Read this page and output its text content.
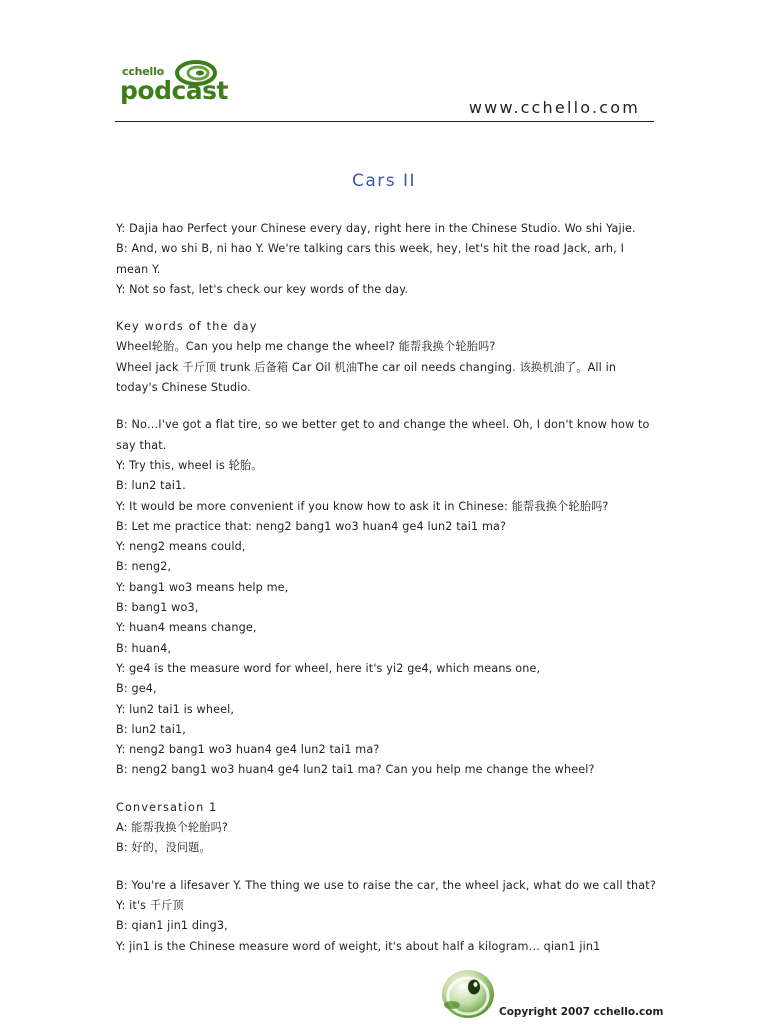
cchello
podcast
www.cchello.com
Cars II
Y: Dajia hao Perfect your Chinese every day, right here in the Chinese Studio. Wo shi Yajie.
B: And, wo shi B, ni hao Y. We're talking cars this week, hey, let's hit the road Jack, arh, I
mean Y.
Y: Not so fast, let's check our key words of the day.
Key words of the day
Wheel轮胎。Can you help me change the wheel? 能帮我换个轮胎吗?
Wheel jack 千斤顶 trunk 后备箱 Car Oil 机油The car oil needs changing. 该换机油了。All in
today's Chinese Studio.
B: No…I've got a flat tire, so we better get to and change the wheel. Oh, I don't know how to
say that.
Y: Try this, wheel is 轮胎。
B: lun2 tai1.
Y: It would be more convenient if you know how to ask it in Chinese: 能帮我换个轮胎吗?
B: Let me practice that: neng2 bang1 wo3 huan4 ge4 lun2 tai1 ma?
Y: neng2 means could,
B: neng2,
Y: bang1 wo3 means help me,
B: bang1 wo3,
Y: huan4 means change,
B: huan4,
Y: ge4 is the measure word for wheel, here it's yi2 ge4, which means one,
B: ge4,
Y: lun2 tai1 is wheel,
B: lun2 tai1,
Y: neng2 bang1 wo3 huan4 ge4 lun2 tai1 ma?
B: neng2 bang1 wo3 huan4 ge4 lun2 tai1 ma? Can you help me change the wheel?
Conversation 1
A: 能帮我换个轮胎吗?
B: 好的，没问题。
B: You're a lifesaver Y. The thing we use to raise the car, the wheel jack, what do we call that?
Y: it's 千斤顶
B: qian1 jin1 ding3,
Y: jin1 is the Chinese measure word of weight, it's about half a kilogram… qian1 jin1
Copyright 2007 cchello.com
